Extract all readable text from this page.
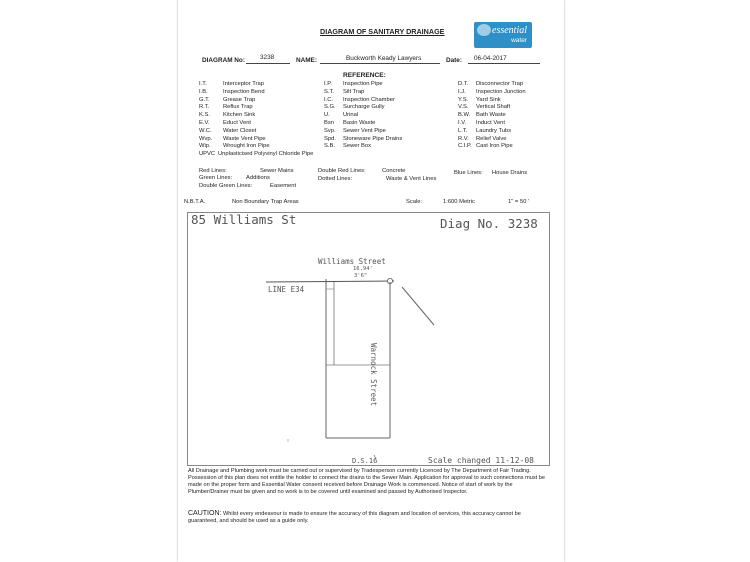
DIAGRAM OF SANITARY DRAINAGE	essential
water
DIAGRAM No: 3238	NAME:	Buckworth Keady Lawyers	Date: 06-04-2017
REFERENCE:
I.T.	Interceptor Trap
I.B.	Inspection Bend
G.T. Grease Trap
R.T. Reflux Trap
K.S. Kitchen Sink
E.V. Educt Vent
W.C. Water Closet
Wvp. Waste Vent Pipe
Wip. Wrought Iron Pipe
I.P. Inspection Pipe
S.T. Silt Trap
I.C. Inspection Chamber
S.G. Surcharge Gully
U. Urinal
Bsn Basin Waste
Svp. Sewer Vent Pipe
Spd. Stoneware Pipe Drains
S.B. Sewer Box
D.T. Disconnector Trap
I.J. Inspection Junction
Y.S. Yard Sink
V.S. Vertical Shaft
B.W. Bath Waste
I.V. Induct Vent
L.T. Laundry Tubs
R.V. Relief Valve
C.I.P. Cast Iron Pipe
UPVC Unplasticised Polyvinyl Chloride Pipe
Red Lines:	Sewer Mains	Double Red Lines:	Concrete	Blue Lines: House Drains
Green Lines: Additions	Dotted Lines:	Waste & Vent Lines
Double Green Lines:	Easement
N.B.T.A.	Non Boundary Trap Areas	Scale:	1:600 Metric	1" = 50 '
85 Williams St	Diag No. 3238
Williams Street
16.94'
3'6"
LINE E34
Warnock Street
D.S.16	Scale changed 11-12-08
All Drainage and Plumbing work must be carried out or supervised by Tradesperson currently Licenced by The Department of Fair Trading. Possession of this plan does not entitle the holder to connect the drains to the Sewer Main. Application for approval to such connections must be made on the proper form and Essential Water consent received before Drainage Work is commenced. Notice of start of work by the Plumber/Drainer must be given and no work is to be covered until examined and passed by Authorised Inspector.
CAUTION: Whilst every endeavour is made to ensure the accuracy of this diagram and location of services, this accuracy cannot be guaranteed, and should be used as a guide only.
